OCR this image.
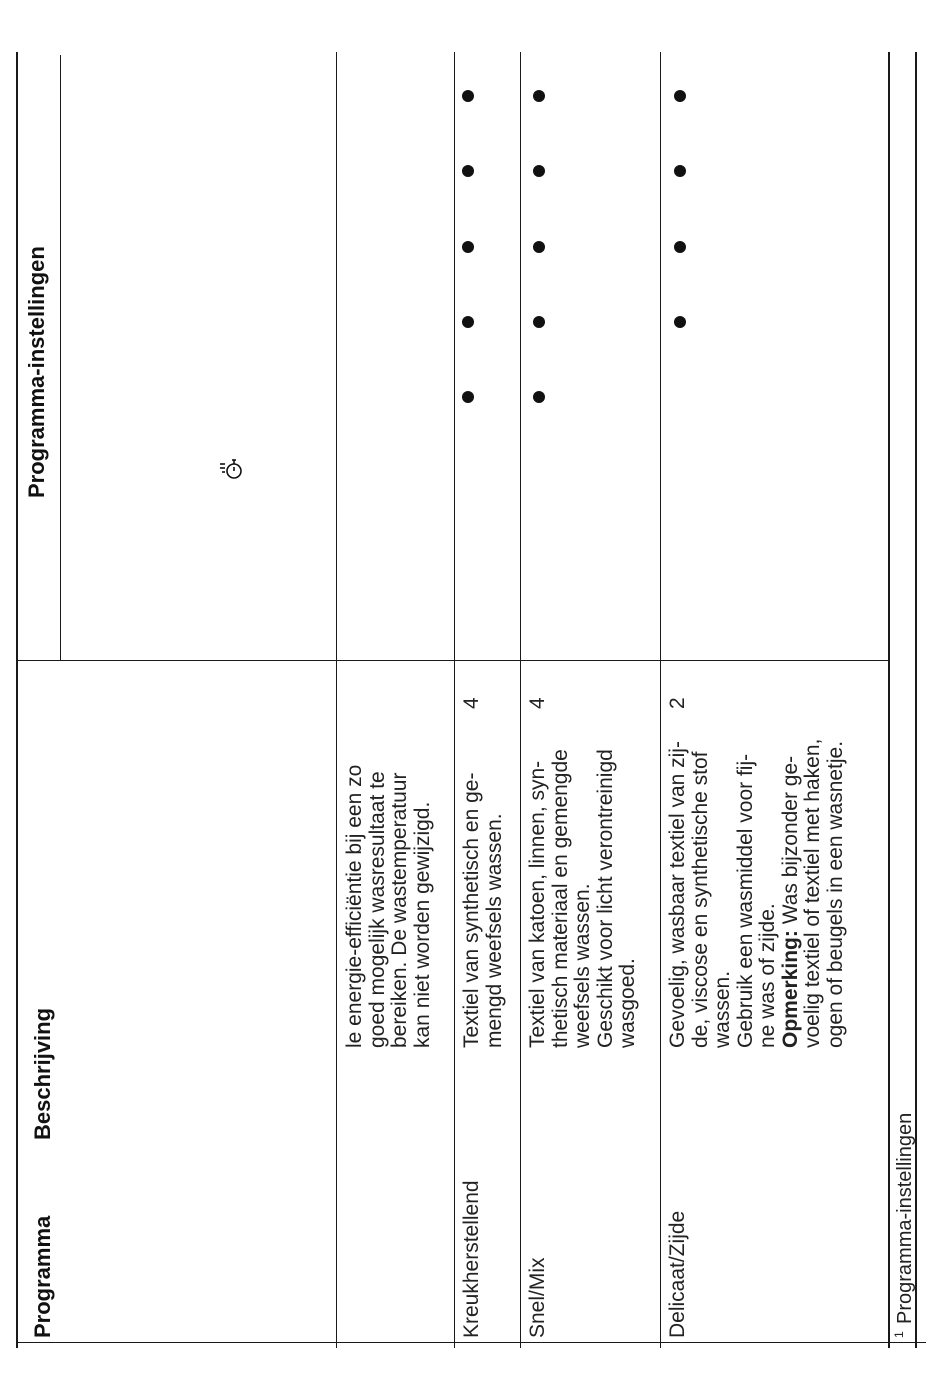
Programma
Beschrijving
Programma-instellingen

le energie-efficiëntie bij een zo goed mogelijk wasresultaat te bereiken. De wastemperatuur kan niet worden gewijzigd.

Kreukherstellend

Textiel van synthetisch en ge- mengd weefsels wassen.

4
Snel/Mix

Textiel van katoen, linnen, syn- thetisch materiaal en gemengde weefsels wassen. Geschikt voor licht verontreinigd wasgoed.

4
Delicaat/Zijde

Gevoelig, wasbaar textiel van zij- de, viscose en synthetische stof wassen. Gebruik een wasmiddel voor fij- ne was of zijde. Opmerking: Was bijzonder ge- voelig textiel of textiel met haken, ogen of beugels in een wasnetje.

2
1
Programma-instellingen
